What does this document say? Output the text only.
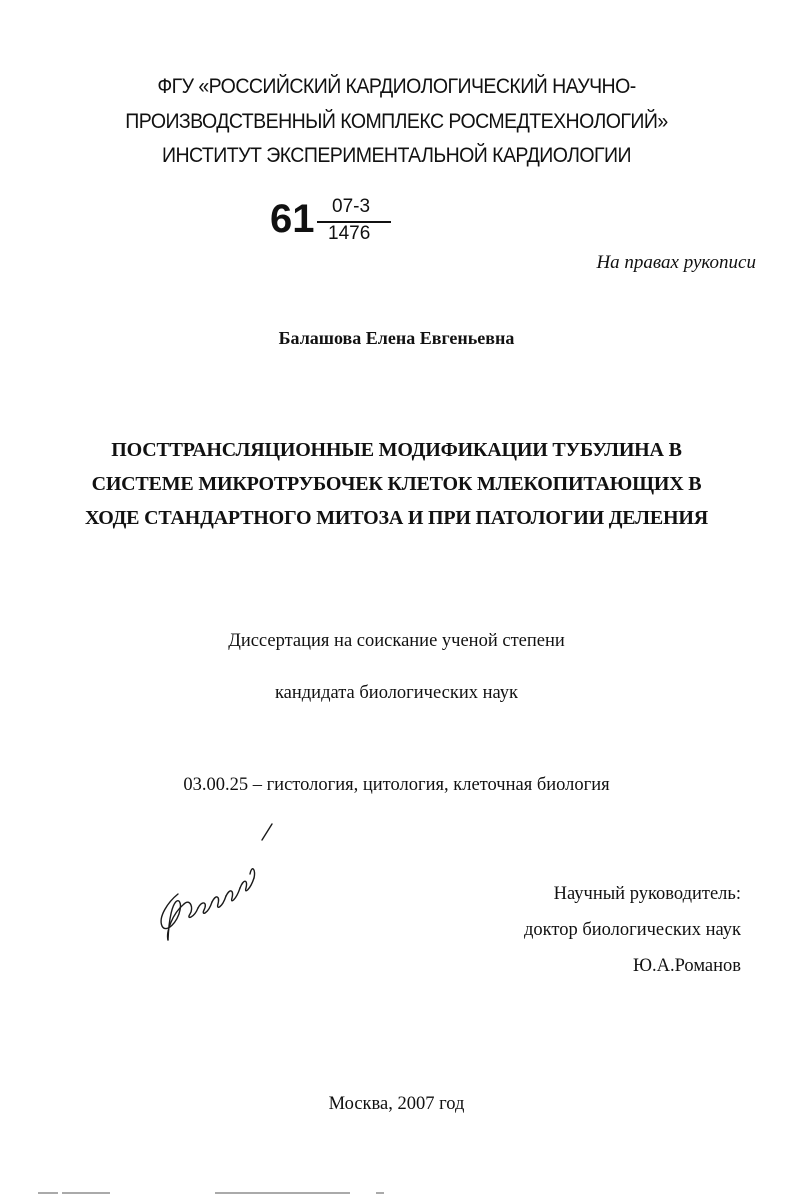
ФГУ «РОССИЙСКИЙ КАРДИОЛОГИЧЕСКИЙ НАУЧНО-
ПРОИЗВОДСТВЕННЫЙ КОМПЛЕКС РОСМЕДТЕХНОЛОГИЙ»
ИНСТИТУТ ЭКСПЕРИМЕНТАЛЬНОЙ КАРДИОЛОГИИ
61 07-3
1476
На правах рукописи
Балашова Елена Евгеньевна
ПОСТТРАНСЛЯЦИОННЫЕ МОДИФИКАЦИИ ТУБУЛИНА В
СИСТЕМЕ МИКРОТРУБОЧЕК КЛЕТОК МЛЕКОПИТАЮЩИХ В
ХОДЕ СТАНДАРТНОГО МИТОЗА И ПРИ ПАТОЛОГИИ ДЕЛЕНИЯ
Диссертация на соискание ученой степени
кандидата биологических наук
03.00.25 – гистология, цитология, клеточная биология
Научный руководитель:
доктор биологических наук
Ю.А.Романов
Москва, 2007 год
